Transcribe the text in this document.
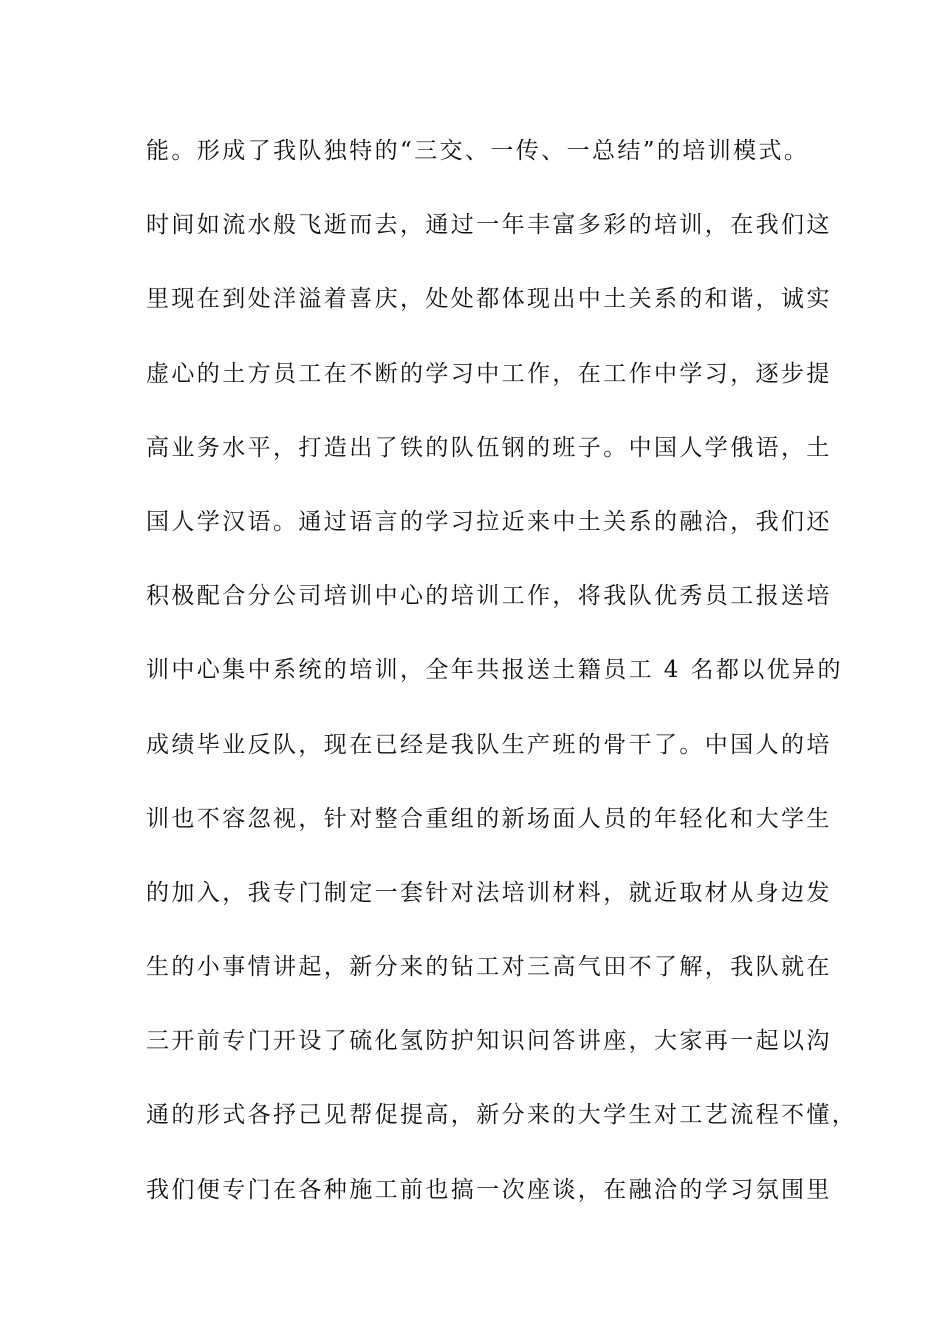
能。形成了我队独特的“三交、一传、一总结”的培训模式。
时间如流水般飞逝而去，通过一年丰富多彩的培训，在我们这
里现在到处洋溢着喜庆，处处都体现出中土关系的和谐，诚实
虚心的土方员工在不断的学习中工作，在工作中学习，逐步提
高业务水平，打造出了铁的队伍钢的班子。中国人学俄语，土
国人学汉语。通过语言的学习拉近来中土关系的融洽，我们还
积极配合分公司培训中心的培训工作，将我队优秀员工报送培
训中心集中系统的培训，全年共报送土籍员工 4 名都以优异的
成绩毕业反队，现在已经是我队生产班的骨干了。中国人的培
训也不容忽视，针对整合重组的新场面人员的年轻化和大学生
的加入，我专门制定一套针对法培训材料，就近取材从身边发
生的小事情讲起，新分来的钻工对三高气田不了解，我队就在
三开前专门开设了硫化氢防护知识问答讲座，大家再一起以沟
通的形式各抒己见帮促提高，新分来的大学生对工艺流程不懂，
我们便专门在各种施工前也搞一次座谈，在融洽的学习氛围里
